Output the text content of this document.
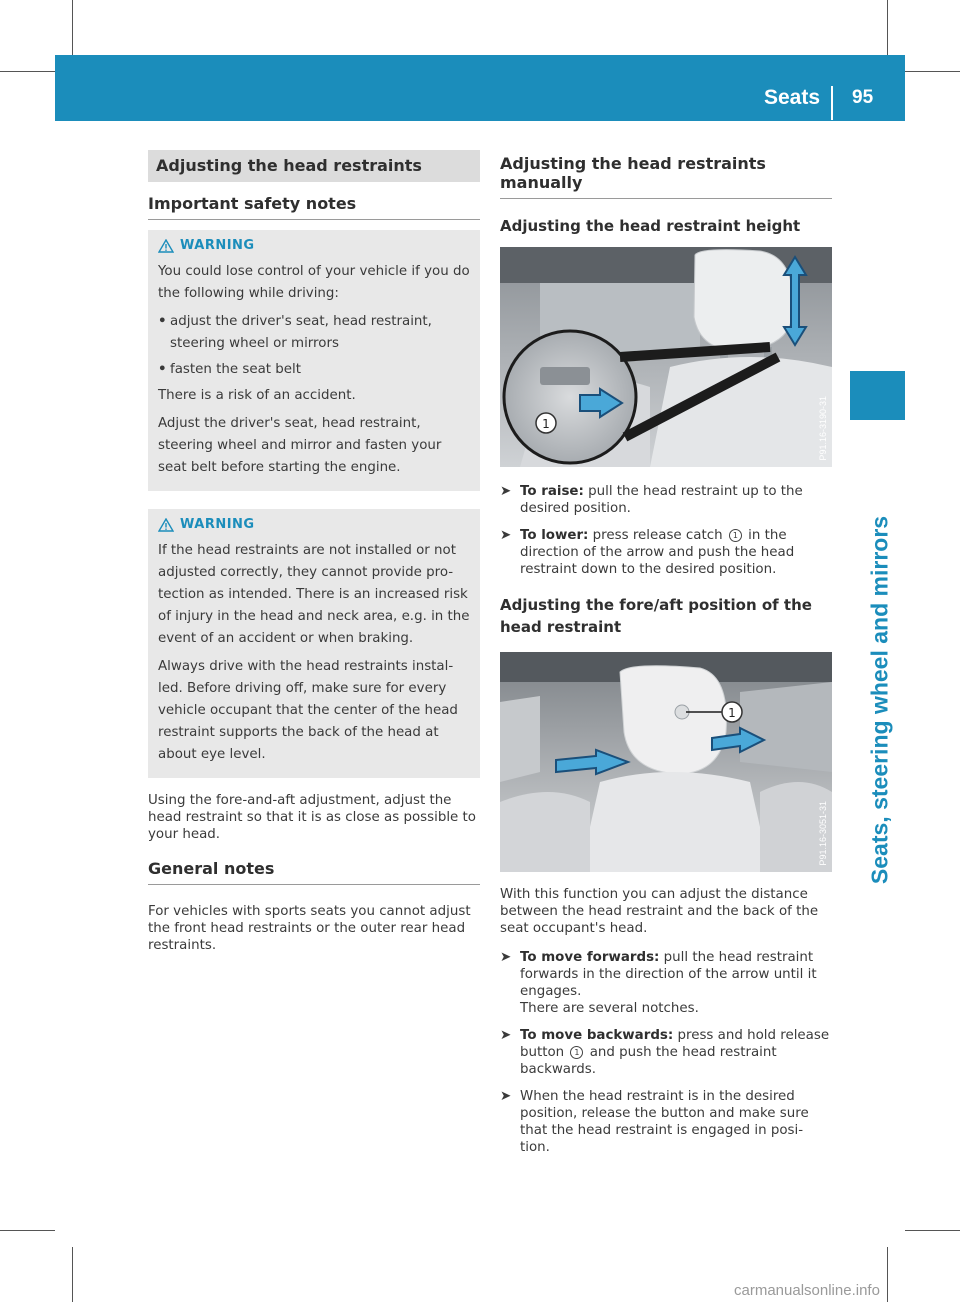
Seats 95
Seats, steering wheel and mirrors
Adjusting the head restraints
Important safety notes
WARNING
You could lose control of your vehicle if you do the following while driving:
• adjust the driver's seat, head restraint, steering wheel or mirrors
• fasten the seat belt
There is a risk of an accident.
Adjust the driver's seat, head restraint, steering wheel and mirror and fasten your seat belt before starting the engine.
WARNING
If the head restraints are not installed or not adjusted correctly, they cannot provide pro- tection as intended. There is an increased risk of injury in the head and neck area, e.g. in the event of an accident or when braking.
Always drive with the head restraints instal- led. Before driving off, make sure for every vehicle occupant that the center of the head restraint supports the back of the head at about eye level.
Using the fore-and-aft adjustment, adjust the head restraint so that it is as close as possible to your head.
General notes
For vehicles with sports seats you cannot adjust the front head restraints or the outer rear head restraints.
Adjusting the head restraints manually
Adjusting the head restraint height
1	P91.16-3190-31
➤ To raise: pull the head restraint up to the desired position.
➤ To lower: press release catch 1 in the direction of the arrow and push the head restraint down to the desired position.
Adjusting the fore/aft position of the head restraint
1
P91.16-3051-31
With this function you can adjust the distance between the head restraint and the back of the seat occupant's head.
➤ To move forwards: pull the head restraint forwards in the direction of the arrow until it engages.
There are several notches.
➤ To move backwards: press and hold release button 1 and push the head restraint backwards.
➤ When the head restraint is in the desired position, release the button and make sure that the head restraint is engaged in posi- tion.
carmanualsonline.info
